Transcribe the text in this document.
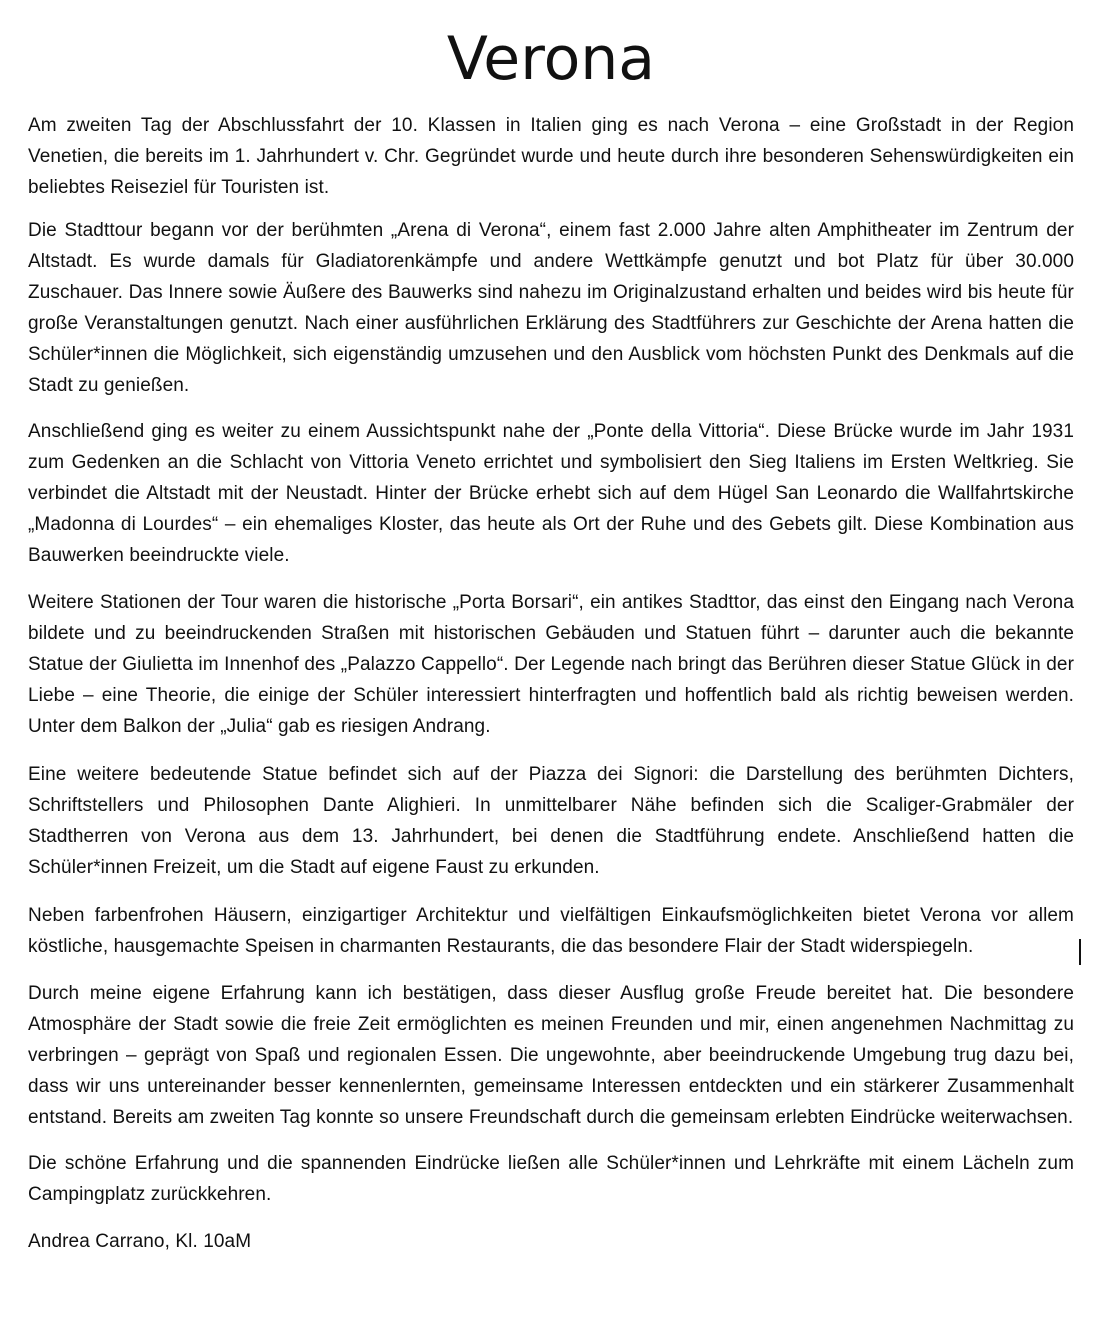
Verona

Am zweiten Tag der Abschlussfahrt der 10. Klassen in Italien ging es nach Verona – eine Großstadt in der Region Venetien, die bereits im 1. Jahrhundert v. Chr. Gegründet wurde und heute durch ihre besonderen Sehenswürdigkeiten ein beliebtes Reiseziel für Touristen ist.

Die Stadttour begann vor der berühmten „Arena di Verona“, einem fast 2.000 Jahre alten Amphitheater im Zentrum der Altstadt. Es wurde damals für Gladiatorenkämpfe und andere Wettkämpfe genutzt und bot Platz für über 30.000 Zuschauer. Das Innere sowie Äußere des Bauwerks sind nahezu im Originalzustand erhalten und beides wird bis heute für große Veranstaltungen genutzt. Nach einer ausführlichen Erklärung des Stadtführers zur Geschichte der Arena hatten die Schüler*innen die Möglichkeit, sich eigenständig umzusehen und den Ausblick vom höchsten Punkt des Denkmals auf die Stadt zu genießen.

Anschließend ging es weiter zu einem Aussichtspunkt nahe der „Ponte della Vittoria“. Diese Brücke wurde im Jahr 1931 zum Gedenken an die Schlacht von Vittoria Veneto errichtet und symbolisiert den Sieg Italiens im Ersten Weltkrieg. Sie verbindet die Altstadt mit der Neustadt. Hinter der Brücke erhebt sich auf dem Hügel San Leonardo die Wallfahrtskirche „Madonna di Lourdes“ – ein ehemaliges Kloster, das heute als Ort der Ruhe und des Gebets gilt. Diese Kombination aus Bauwerken beeindruckte viele.

Weitere Stationen der Tour waren die historische „Porta Borsari“, ein antikes Stadttor, das einst den Eingang nach Verona bildete und zu beeindruckenden Straßen mit historischen Gebäuden und Statuen führt – darunter auch die bekannte Statue der Giulietta im Innenhof des „Palazzo Cappello“. Der Legende nach bringt das Berühren dieser Statue Glück in der Liebe – eine Theorie, die einige der Schüler interessiert hinterfragten und hoffentlich bald als richtig beweisen werden. Unter dem Balkon der „Julia“ gab es riesigen Andrang.

Eine weitere bedeutende Statue befindet sich auf der Piazza dei Signori: die Darstellung des berühmten Dichters, Schriftstellers und Philosophen Dante Alighieri. In unmittelbarer Nähe befinden sich die Scaliger-Grabmäler der Stadtherren von Verona aus dem 13. Jahrhundert, bei denen die Stadtführung endete. Anschließend hatten die Schüler*innen Freizeit, um die Stadt auf eigene Faust zu erkunden.

Neben farbenfrohen Häusern, einzigartiger Architektur und vielfältigen Einkaufsmöglichkeiten bietet Verona vor allem köstliche, hausgemachte Speisen in charmanten Restaurants, die das besondere Flair der Stadt widerspiegeln.

Durch meine eigene Erfahrung kann ich bestätigen, dass dieser Ausflug große Freude bereitet hat. Die besondere Atmosphäre der Stadt sowie die freie Zeit ermöglichten es meinen Freunden und mir, einen angenehmen Nachmittag zu verbringen – geprägt von Spaß und regionalen Essen. Die ungewohnte, aber beeindruckende Umgebung trug dazu bei, dass wir uns untereinander besser kennenlernten, gemeinsame Interessen entdeckten und ein stärkerer Zusammenhalt entstand. Bereits am zweiten Tag konnte so unsere Freundschaft durch die gemeinsam erlebten Eindrücke weiterwachsen.

Die schöne Erfahrung und die spannenden Eindrücke ließen alle Schüler*innen und Lehrkräfte mit einem Lächeln zum Campingplatz zurückkehren.

Andrea Carrano, Kl. 10aM
